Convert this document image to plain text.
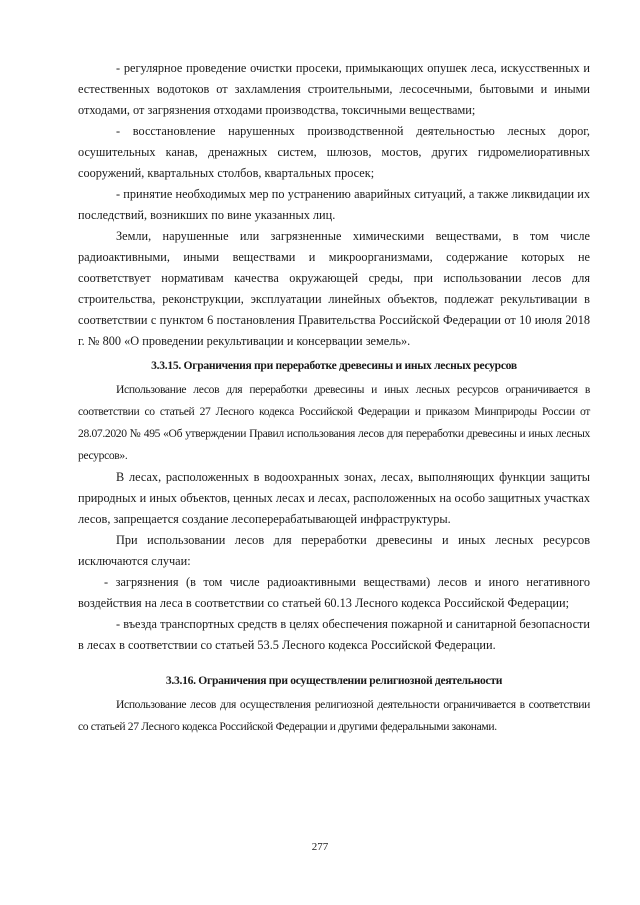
- регулярное проведение очистки просеки, примыкающих опушек леса, искусственных и естественных водотоков от захламления строительными, лесосечными, бытовыми и иными отходами, от загрязнения отходами производства, токсичными веществами;

- восстановление нарушенных производственной деятельностью лесных дорог, осушительных канав, дренажных систем, шлюзов, мостов, других гидромелиоративных сооружений, квартальных столбов, квартальных просек;

- принятие необходимых мер по устранению аварийных ситуаций, а также ликвидации их последствий, возникших по вине указанных лиц.

Земли, нарушенные или загрязненные химическими веществами, в том числе радиоактивными, иными веществами и микроорганизмами, содержание которых не соответствует нормативам качества окружающей среды, при использовании лесов для строительства, реконструкции, эксплуатации линейных объектов, подлежат рекультивации в соответствии с пунктом 6 постановления Правительства Российской Федерации от 10 июля 2018 г. № 800 «О проведении рекультивации и консервации земель».

3.3.15. Ограничения при переработке древесины и иных лесных ресурсов

Использование лесов для переработки древесины и иных лесных ресурсов ограничивается в соответствии со статьей 27 Лесного кодекса Российской Федерации и приказом Минприроды России от 28.07.2020 № 495 «Об утверждении Правил использования лесов для переработки древесины и иных лесных ресурсов».

В лесах, расположенных в водоохранных зонах, лесах, выполняющих функции защиты природных и иных объектов, ценных лесах и лесах, расположенных на особо защитных участках лесов, запрещается создание лесоперерабатывающей инфраструктуры.

При использовании лесов для переработки древесины и иных лесных ресурсов исключаются случаи:

- загрязнения (в том числе радиоактивными веществами) лесов и иного негативного воздействия на леса в соответствии со статьей 60.13 Лесного кодекса Российской Федерации;

- въезда транспортных средств в целях обеспечения пожарной и санитарной безопасности в лесах в соответствии со статьей 53.5 Лесного кодекса Российской Федерации.

3.3.16. Ограничения при осуществлении религиозной деятельности

Использование лесов для осуществления религиозной деятельности ограничивается в соответствии со статьей 27 Лесного кодекса Российской Федерации и другими федеральными законами.

277
